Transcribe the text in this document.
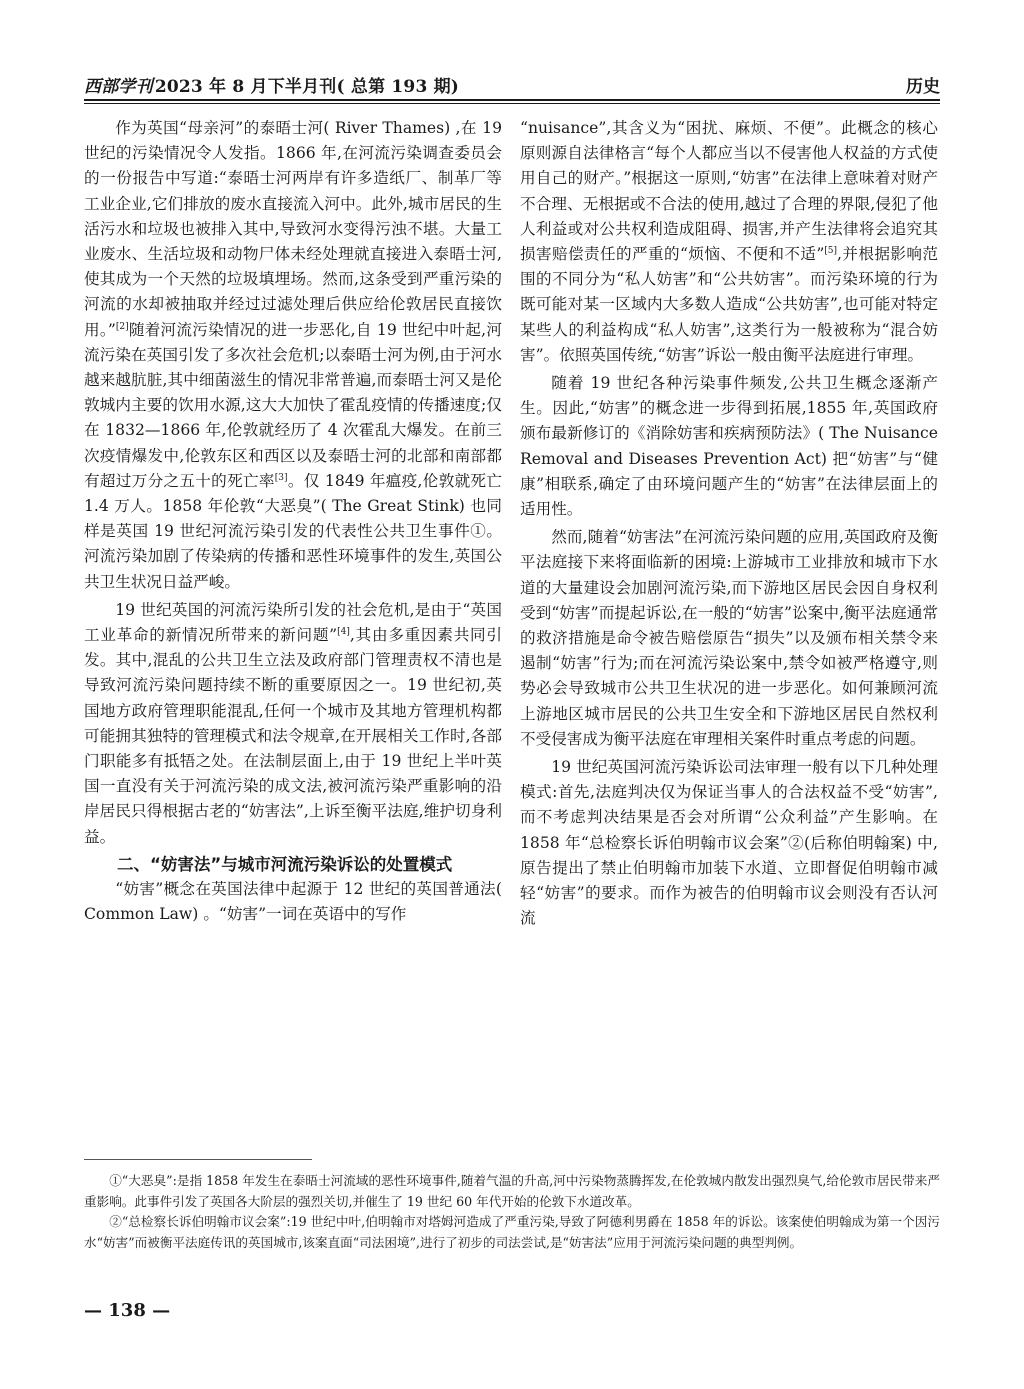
西部学刊 2023 年 8 月下半月刊( 总第 193 期)	历史

作为英国“母亲河”的泰晤士河( River Thames) ,在 19 世纪的污染情况令人发指。1866 年,在河流污染调查委员会的一份报告中写道:“泰晤士河两岸有许多造纸厂、制革厂等工业企业,它们排放的废水直接流入河中。此外,城市居民的生活污水和垃圾也被排入其中,导致河水变得污浊不堪。大量工业废水、生活垃圾和动物尸体未经处理就直接进入泰晤士河,使其成为一个天然的垃圾填埋场。然而,这条受到严重污染的河流的水却被抽取并经过过滤处理后供应给伦敦居民直接饮用。”[2]随着河流污染情况的进一步恶化,自 19 世纪中叶起,河流污染在英国引发了多次社会危机;以泰晤士河为例,由于河水越来越肮脏,其中细菌滋生的情况非常普遍,而泰晤士河又是伦敦城内主要的饮用水源,这大大加快了霍乱疫情的传播速度;仅在 1832—1866 年,伦敦就经历了 4 次霍乱大爆发。在前三次疫情爆发中,伦敦东区和西区以及泰晤士河的北部和南部都有超过万分之五十的死亡率[3]。仅 1849 年瘟疫,伦敦就死亡 1.4 万人。1858 年伦敦“大恶臭”( The Great Stink) 也同样是英国 19 世纪河流污染引发的代表性公共卫生事件①。河流污染加剧了传染病的传播和恶性环境事件的发生,英国公共卫生状况日益严峻。

19 世纪英国的河流污染所引发的社会危机,是由于“英国工业革命的新情况所带来的新问题”[4],其由多重因素共同引发。其中,混乱的公共卫生立法及政府部门管理责权不清也是导致河流污染问题持续不断的重要原因之一。19 世纪初,英国地方政府管理职能混乱,任何一个城市及其地方管理机构都可能拥其独特的管理模式和法令规章,在开展相关工作时,各部门职能多有抵牾之处。在法制层面上,由于 19 世纪上半叶英国一直没有关于河流污染的成文法,被河流污染严重影响的沿岸居民只得根据古老的“妨害法”,上诉至衡平法庭,维护切身利益。

二、“妨害法”与城市河流污染诉讼的处置模式

“妨害”概念在英国法律中起源于 12 世纪的英国普通法( Common Law) 。“妨害”一词在英语中的写作

“nuisance”,其含义为“困扰、麻烦、不便”。此概念的核心原则源自法律格言“每个人都应当以不侵害他人权益的方式使用自己的财产。”根据这一原则,“妨害”在法律上意味着对财产不合理、无根据或不合法的使用,越过了合理的界限,侵犯了他人利益或对公共权利造成阻碍、损害,并产生法律将会追究其损害赔偿责任的严重的“烦恼、不便和不适”[5],并根据影响范围的不同分为“私人妨害”和“公共妨害”。而污染环境的行为既可能对某一区域内大多数人造成“公共妨害”,也可能对特定某些人的利益构成“私人妨害”,这类行为一般被称为“混合妨害”。依照英国传统,“妨害”诉讼一般由衡平法庭进行审理。

随着 19 世纪各种污染事件频发,公共卫生概念逐渐产生。因此,“妨害”的概念进一步得到拓展,1855 年,英国政府颁布最新修订的《消除妨害和疾病预防法》( The Nuisance Removal and Diseases Prevention Act) 把“妨害”与“健康”相联系,确定了由环境问题产生的“妨害”在法律层面上的适用性。

然而,随着“妨害法”在河流污染问题的应用,英国政府及衡平法庭接下来将面临新的困境:上游城市工业排放和城市下水道的大量建设会加剧河流污染,而下游地区居民会因自身权利受到“妨害”而提起诉讼,在一般的“妨害”讼案中,衡平法庭通常的救济措施是命令被告赔偿原告“损失”以及颁布相关禁令来遏制“妨害”行为;而在河流污染讼案中,禁令如被严格遵守,则势必会导致城市公共卫生状况的进一步恶化。如何兼顾河流上游地区城市居民的公共卫生安全和下游地区居民自然权利不受侵害成为衡平法庭在审理相关案件时重点考虑的问题。

19 世纪英国河流污染诉讼司法审理一般有以下几种处理模式:首先,法庭判决仅为保证当事人的合法权益不受“妨害”,而不考虑判决结果是否会对所谓“公众利益”产生影响。在 1858 年“总检察长诉伯明翰市议会案”②(后称伯明翰案) 中,原告提出了禁止伯明翰市加装下水道、立即督促伯明翰市减轻“妨害”的要求。而作为被告的伯明翰市议会则没有否认河流

①“大恶臭”:是指 1858 年发生在泰晤士河流域的恶性环境事件,随着气温的升高,河中污染物蒸腾挥发,在伦敦城内散发出强烈臭气,给伦敦市居民带来严重影响。此事件引发了英国各大阶层的强烈关切,并催生了 19 世纪 60 年代开始的伦敦下水道改革。

②“总检察长诉伯明翰市议会案”:19 世纪中叶,伯明翰市对塔姆河造成了严重污染,导致了阿德利男爵在 1858 年的诉讼。该案使伯明翰成为第一个因污水“妨害”而被衡平法庭传讯的英国城市,该案直面“司法困境”,进行了初步的司法尝试,是“妨害法”应用于河流污染问题的典型判例。

— 138 —
